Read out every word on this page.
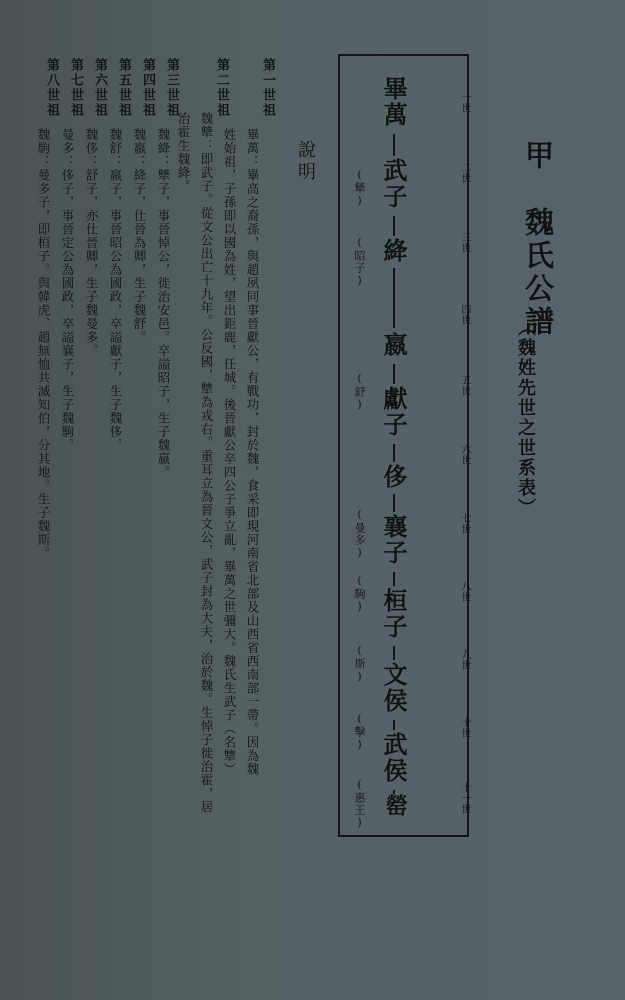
甲魏氏公譜
（魏姓先世之世系表）
一世
二世
三世
四世
五世
六世
七世
八世
九世
十世
十一世
畢萬
武子
絳
嬴
獻子
侈
襄子
桓子
文侯
武侯
罃
(犨)
(昭子)
(舒)
(曼多)
(駒)
(斯)
(擊)
(惠王)
說明
第一世祖
畢萬：畢高之裔孫，與趙夙同事晉獻公，有戰功，封於魏，食采即現河南省北部及山西省西南部一帶。因為魏
姓始祖，子孫即以國為姓，望出鉅鹿，任城。後晉獻公卒四公子爭立亂，畢萬之世彌大。魏氏生武子（名犨）
第二世祖
魏犨：即武子。從文公出亡十九年。公反國，犨為戎右。重耳立為晉文公，武子封為大夫，治於魏。生悼子徙治霍，居
治霍生魏絳。
第三世祖
魏絳：犨子，事晉悼公，徙治安邑。卒謚昭子，生子魏嬴。
第四世祖
魏嬴：絳子，仕晉為卿，生子魏舒。
第五世祖
魏舒：嬴子，事晉昭公為國政，卒謚獻子，生子魏侈。
第六世祖
魏侈：舒子，亦仕晉卿，生子魏曼多。
第七世祖
曼多：侈子，事晉定公為國政，卒謚襄子，生子魏駒。
第八世祖
魏駒：曼多子，即桓子。與韓虎、趙無恤共滅知伯，分其地。生子魏斯。
